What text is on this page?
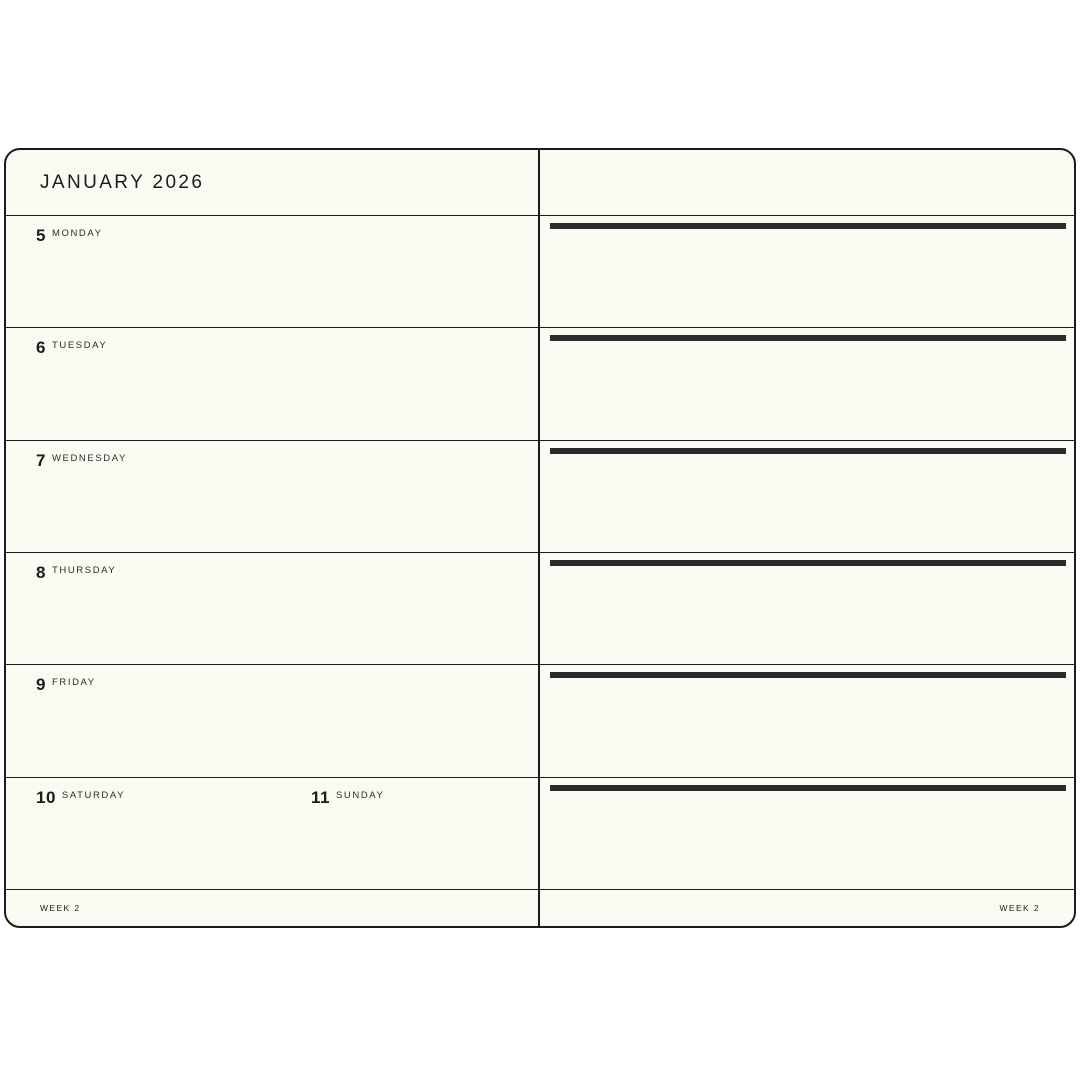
JANUARY 2026
5 MONDAY
6 TUESDAY
7 WEDNESDAY
8 THURSDAY
9 FRIDAY
10 SATURDAY	11 SUNDAY
WEEK 2	WEEK 2
